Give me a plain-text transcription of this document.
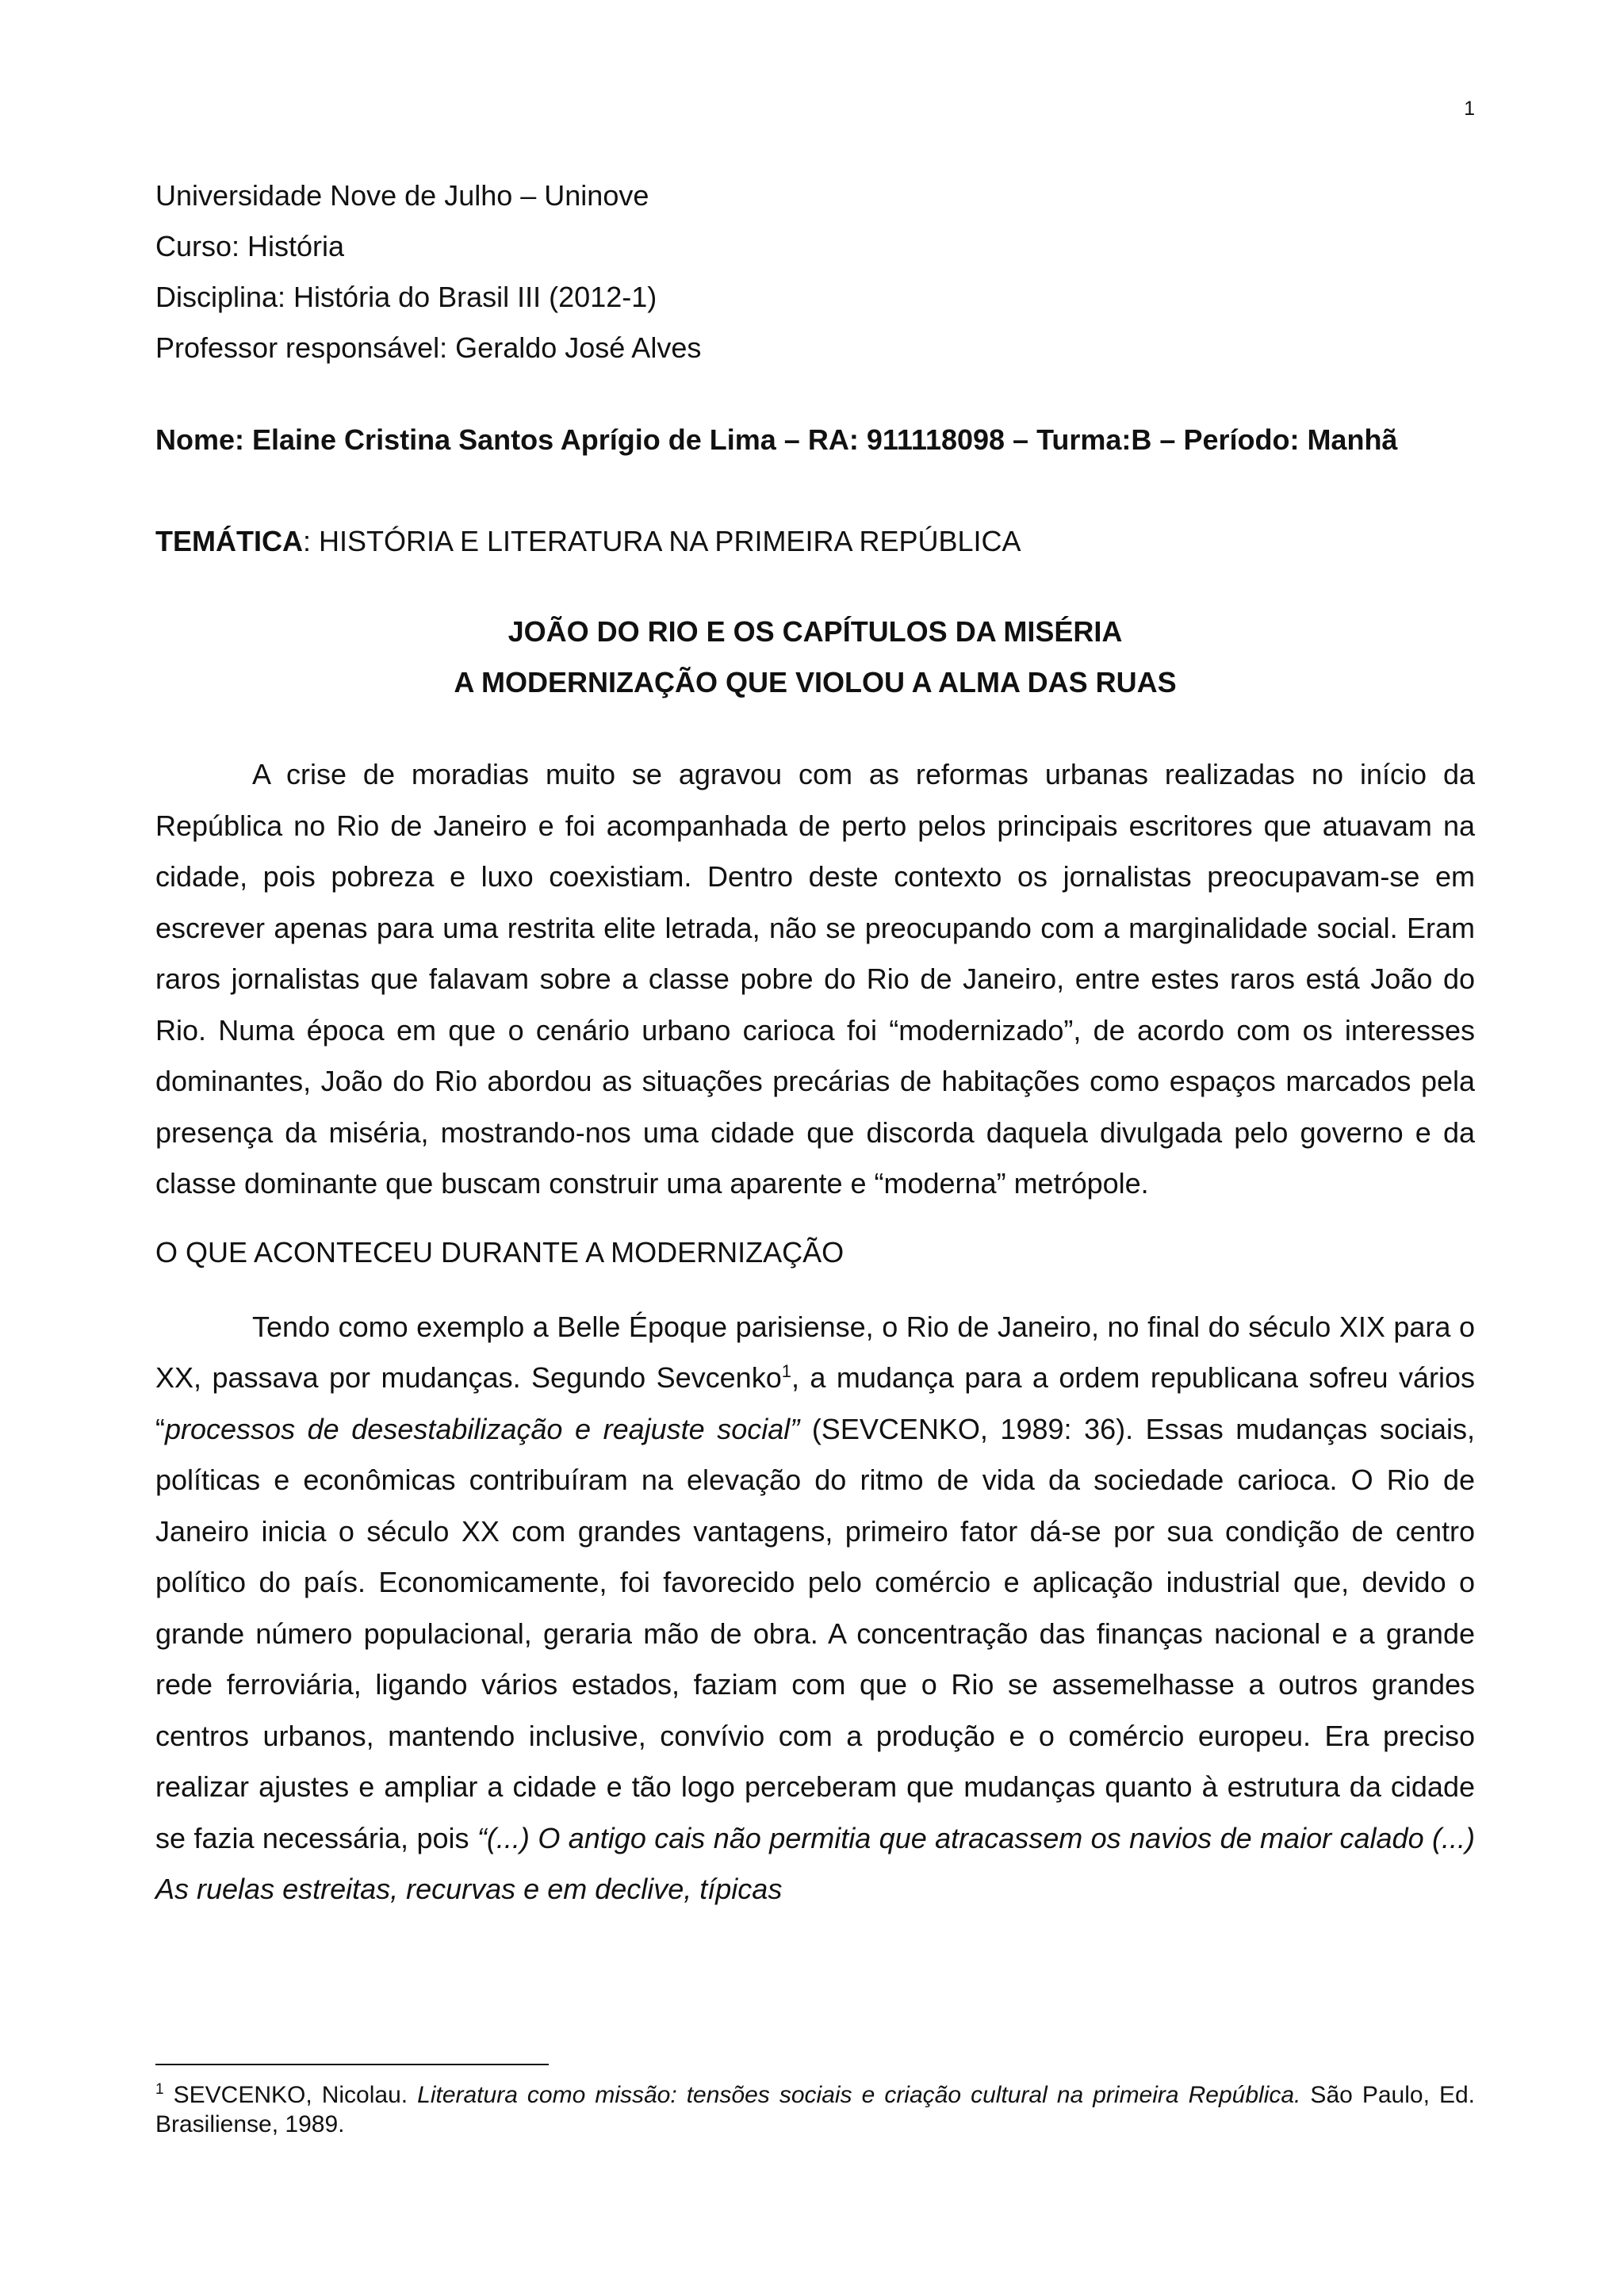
1

Universidade Nove de Julho – Uninove

Curso: História

Disciplina: História do Brasil III (2012-1)

Professor responsável: Geraldo José Alves

Nome: Elaine Cristina Santos Aprígio de Lima – RA: 911118098 – Turma:B – Período: Manhã

TEMÁTICA: HISTÓRIA E LITERATURA NA PRIMEIRA REPÚBLICA

JOÃO DO RIO E OS CAPÍTULOS DA MISÉRIA

A MODERNIZAÇÃO QUE VIOLOU A ALMA DAS RUAS

A crise de moradias muito se agravou com as reformas urbanas realizadas no início da República no Rio de Janeiro e foi acompanhada de perto pelos principais escritores que atuavam na cidade, pois pobreza e luxo coexistiam. Dentro deste contexto os jornalistas preocupavam-se em escrever apenas para uma restrita elite letrada, não se preocupando com a marginalidade social. Eram raros jornalistas que falavam sobre a classe pobre do Rio de Janeiro, entre estes raros está João do Rio. Numa época em que o cenário urbano carioca foi “modernizado”, de acordo com os interesses dominantes, João do Rio abordou as situações precárias de habitações como espaços marcados pela presença da miséria, mostrando-nos uma cidade que discorda daquela divulgada pelo governo e da classe dominante que buscam construir uma aparente e “moderna” metrópole.

O QUE ACONTECEU DURANTE A MODERNIZAÇÃO

Tendo como exemplo a Belle Époque parisiense, o Rio de Janeiro, no final do século XIX para o XX, passava por mudanças. Segundo Sevcenko$^1$, a mudança para a ordem republicana sofreu vários “processos de desestabilização e reajuste social” (SEVCENKO, 1989: 36). Essas mudanças sociais, políticas e econômicas contribuíram na elevação do ritmo de vida da sociedade carioca. O Rio de Janeiro inicia o século XX com grandes vantagens, primeiro fator dá-se por sua condição de centro político do país. Economicamente, foi favorecido pelo comércio e aplicação industrial que, devido o grande número populacional, geraria mão de obra. A concentração das finanças nacional e a grande rede ferroviária, ligando vários estados, faziam com que o Rio se assemelhasse a outros grandes centros urbanos, mantendo inclusive, convívio com a produção e o comércio europeu. Era preciso realizar ajustes e ampliar a cidade e tão logo perceberam que mudanças quanto à estrutura da cidade se fazia necessária, pois “(...) O antigo cais não permitia que atracassem os navios de maior calado (...) As ruelas estreitas, recurvas e em declive, típicas

$^1$ SEVCENKO, Nicolau. Literatura como missão: tensões sociais e criação cultural na primeira República. São Paulo, Ed. Brasiliense, 1989.
